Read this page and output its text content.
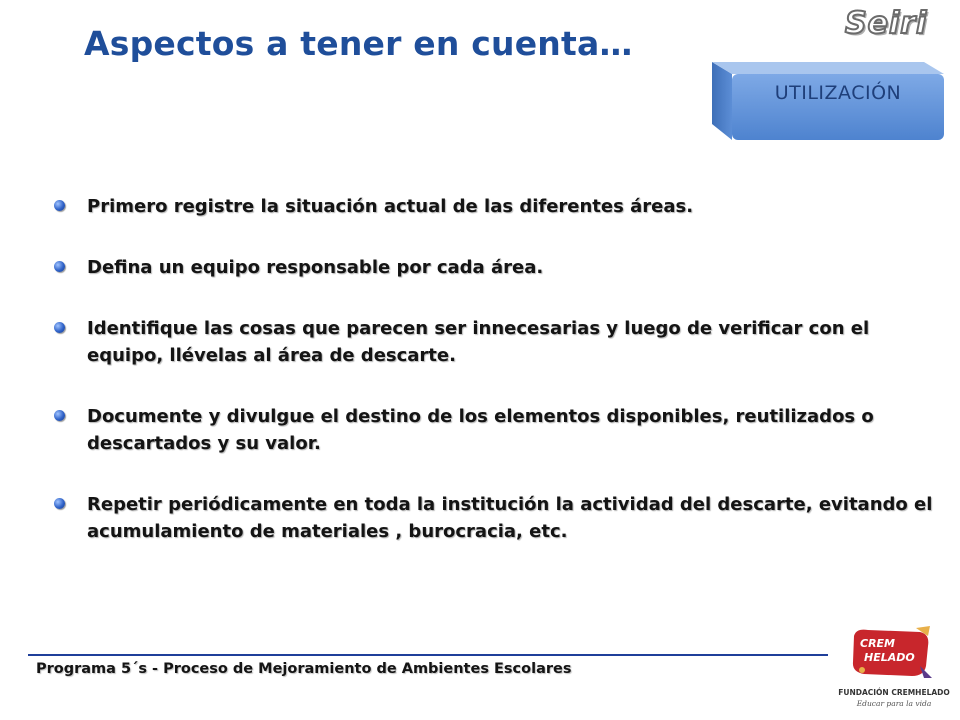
Aspectos a tener en cuenta…
Seiri
UTILIZACIÓN
Primero registre la situación actual de las diferentes áreas.
Defina un equipo responsable por cada área.
Identifique las cosas que parecen ser innecesarias y luego de verificar con el equipo, llévelas al área de descarte.
Documente y divulgue el destino de los elementos disponibles, reutilizados o descartados y su valor.
Repetir periódicamente en toda la institución la actividad del descarte, evitando el acumulamiento de materiales , burocracia, etc.
Programa 5´s - Proceso de Mejoramiento de Ambientes Escolares
CREM
HELADO
FUNDACIÓN CREMHELADO
Educar para la vida
